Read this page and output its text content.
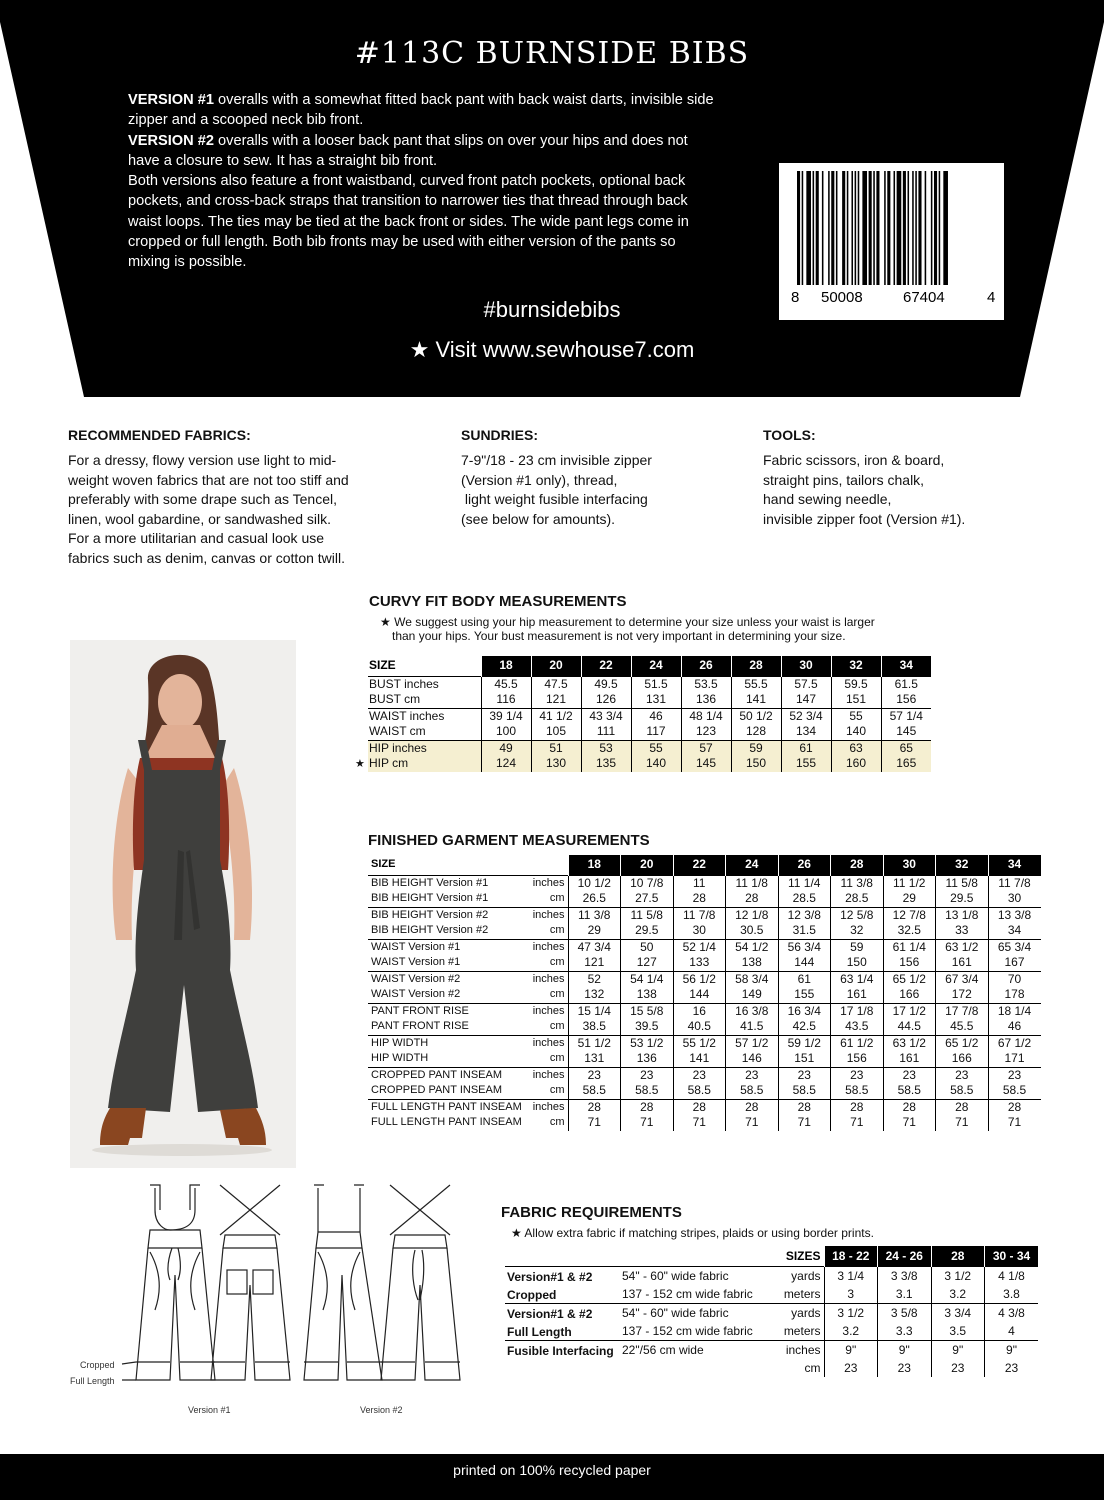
#113C BURNSIDE BIBS

VERSION #1 overalls with a somewhat fitted back pant with back waist darts, invisible side zipper and a scooped neck bib front.

VERSION #2 overalls with a looser back pant that slips on over your hips and does not have a closure to sew. It has a straight bib front.

Both versions also feature a front waistband, curved front patch pockets, optional back pockets, and cross-back straps that transition to narrower ties that thread through back waist loops. The ties may be tied at the back front or sides. The wide pant legs come in cropped or full length. Both bib fronts may be used with either version of the pants so mixing is possible.

#burnsidebibs
★ Visit www.sewhouse7.com
8 50008	67404	4
RECOMMENDED FABRICS:
For a dressy, flowy version use light to mid-weight woven fabrics that are not too stiff and preferably with some drape such as Tencel, linen, wool gabardine, or sandwashed silk.
For a more utilitarian and casual look use fabrics such as denim, canvas or cotton twill.
SUNDRIES:
7-9"/18 - 23 cm invisible zipper
(Version #1 only), thread,
light weight fusible interfacing
(see below for amounts).
TOOLS:
Fabric scissors, iron & board,
straight pins, tailors chalk,
hand sewing needle,
invisible zipper foot (Version #1).
CURVY FIT BODY MEASUREMENTS
★ We suggest using your hip measurement to determine your size unless your waist is larger
than your hips. Your bust measurement is not very important in determining your size.
★
SIZE	18	20	22	24	26	28	30	32	34
BUST inches	45.5	47.5	49.5	51.5	53.5	55.5	57.5	59.5	61.5
BUST cm	116	121	126	131	136	141	147	151	156
WAIST inches	39 1/4	41 1/2	43 3/4	46	48 1/4	50 1/2	52 3/4	55	57 1/4
WAIST cm	100	105	111	117	123	128	134	140	145
HIP inches	49	51	53	55	57	59	61	63	65
HIP cm	124	130	135	140	145	150	155	160	165
FINISHED GARMENT MEASUREMENTS
SIZE		18	20	22	24	26	28	30	32	34
BIB HEIGHT Version #1	inches	10 1/2	10 7/8	11	11 1/8	11 1/4	11 3/8	11 1/2	11 5/8	11 7/8
BIB HEIGHT Version #1	cm	26.5	27.5	28	28	28.5	28.5	29	29.5	30
BIB HEIGHT Version #2	inches	11 3/8	11 5/8	11 7/8	12 1/8	12 3/8	12 5/8	12 7/8	13 1/8	13 3/8
BIB HEIGHT Version #2	cm	29	29.5	30	30.5	31.5	32	32.5	33	34
WAIST Version #1	inches	47 3/4	50	52 1/4	54 1/2	56 3/4	59	61 1/4	63 1/2	65 3/4
WAIST Version #1	cm	121	127	133	138	144	150	156	161	167
WAIST Version #2	inches	52	54 1/4	56 1/2	58 3/4	61	63 1/4	65 1/2	67 3/4	70
WAIST Version #2	cm	132	138	144	149	155	161	166	172	178
PANT FRONT RISE	inches	15 1/4	15 5/8	16	16 3/8	16 3/4	17 1/8	17 1/2	17 7/8	18 1/4
PANT FRONT RISE	cm	38.5	39.5	40.5	41.5	42.5	43.5	44.5	45.5	46
HIP WIDTH	inches	51 1/2	53 1/2	55 1/2	57 1/2	59 1/2	61 1/2	63 1/2	65 1/2	67 1/2
HIP WIDTH	cm	131	136	141	146	151	156	161	166	171
CROPPED PANT INSEAM	inches	23	23	23	23	23	23	23	23	23
CROPPED PANT INSEAM	cm	58.5	58.5	58.5	58.5	58.5	58.5	58.5	58.5	58.5
FULL LENGTH PANT INSEAM	inches	28	28	28	28	28	28	28	28	28
FULL LENGTH PANT INSEAM	cm	71	71	71	71	71	71	71	71	71
Cropped
Full Length
Version #1	Version #2
FABRIC REQUIREMENTS
★ Allow extra fabric if matching stripes, plaids or using border prints.
		SIZES	18 - 22	24 - 26	28	30 - 34
Version#1 & #2	54" - 60" wide fabric	yards	3 1/4	3 3/8	3 1/2	4 1/8
Cropped	137 - 152 cm wide fabric	meters	3	3.1	3.2	3.8
Version#1 & #2	54" - 60" wide fabric	yards	3 1/2	3 5/8	3 3/4	4 3/8
Full Length	137 - 152 cm wide fabric	meters	3.2	3.3	3.5	4
Fusible Interfacing	22"/56 cm wide	inches	9"	9"	9"	9"
		cm	23	23	23	23
printed on 100% recycled paper
